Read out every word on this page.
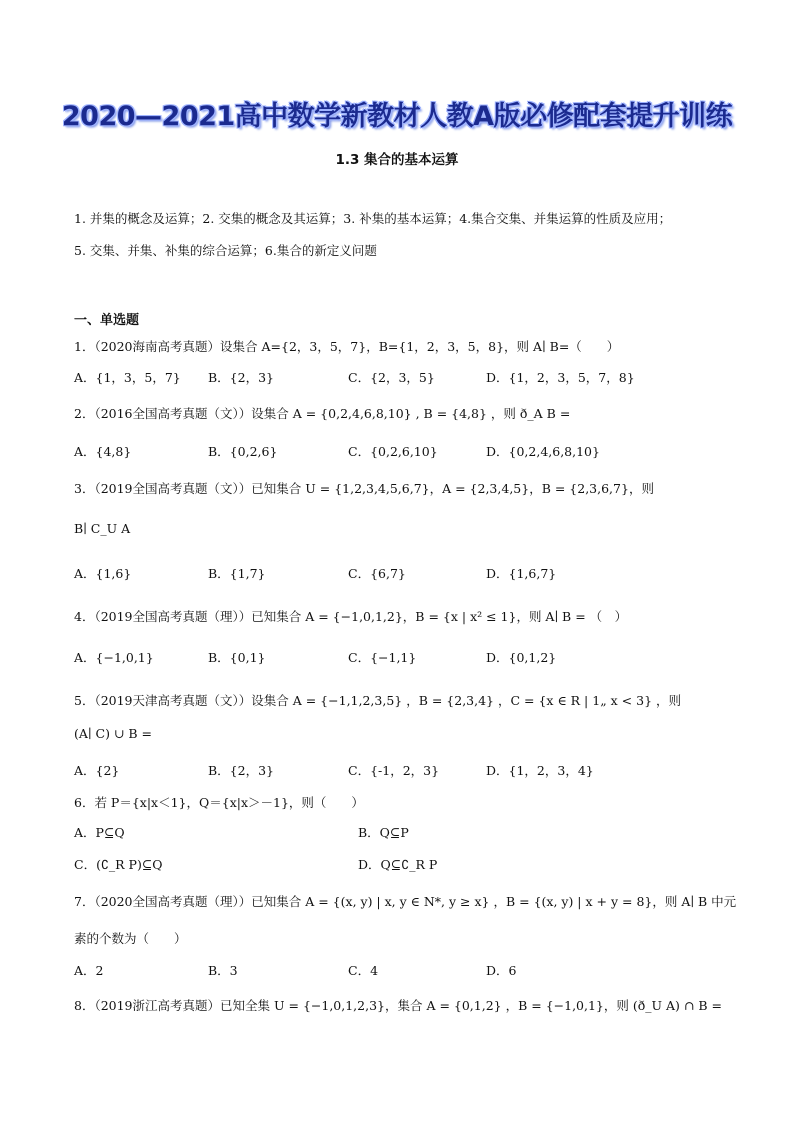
2020—2021高中数学新教材人教A版必修配套提升训练
1.3 集合的基本运算
1. 并集的概念及运算；2. 交集的概念及其运算；3. 补集的基本运算；4.集合交集、并集运算的性质及应用；
5. 交集、并集、补集的综合运算；6.集合的新定义问题
一、单选题
1．（2020海南高考真题）设集合 A={2，3，5，7}，B={1，2，3，5，8}，则 A∣ B=（　　）
A．{1，3，5，7} B．{2，3}	C．{2，3，5}	D．{1，2，3，5，7，8}
2．（2016全国高考真题（文））设集合 A = {0,2,4,6,8,10} , B = {4,8} ，则 ð_A B =
A．{4,8}	B．{0,2,6}	C．{0,2,6,10}	D．{0,2,4,6,8,10}
3．（2019全国高考真题（文））已知集合 U = {1,2,3,4,5,6,7}，A = {2,3,4,5}，B = {2,3,6,7}，则
B∣ C_U A
A．{1,6}	B．{1,7}	C．{6,7}	D．{1,6,7}
4．（2019全国高考真题（理））已知集合 A = {−1,0,1,2}，B = {x | x² ≤ 1}，则 A∣ B = （　）
A．{−1,0,1}	B．{0,1}	C．{−1,1}	D．{0,1,2}
5．（2019天津高考真题（文））设集合 A = {−1,1,2,3,5} ，B = {2,3,4} ，C = {x ∈ R | 1„ x < 3} ，则
(A∣ C) ∪ B =
A．{2}	B．{2，3}	C．{-1，2，3}	D．{1，2，3，4}
6．若 P＝{x|x＜1}，Q＝{x|x＞－1}，则（　　）
A．P⊆Q	B．Q⊆P
C．(∁_R P)⊆Q	D．Q⊆∁_R P
7．（2020全国高考真题（理））已知集合 A = {(x, y) | x, y ∈ N*, y ≥ x} ，B = {(x, y) | x + y = 8}，则 A∣ B 中元
素的个数为（　　）
A．2	B．3	C．4	D．6
8．（2019浙江高考真题）已知全集 U = {−1,0,1,2,3}，集合 A = {0,1,2} ，B = {−1,0,1}，则 (ð_U A) ∩ B =
